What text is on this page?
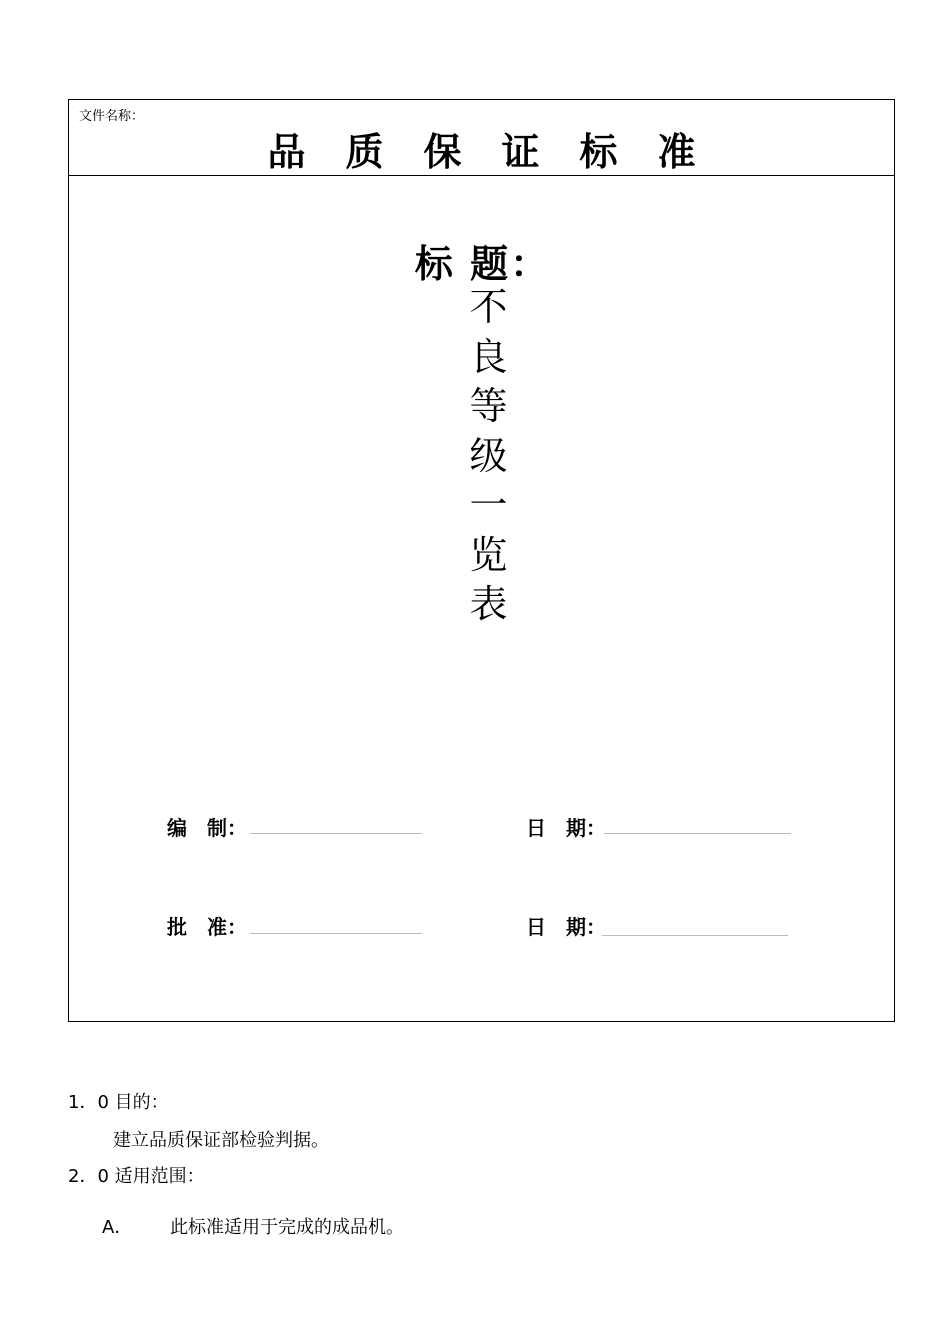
文件名称：
品质保证标准
标 题：
不
良
等
级
一
览
表
编　制：	日　期：
批　准：	日　期：
1．0 目的：
建立品质保证部检验判据。
2．0 适用范围：
A． 此标准适用于完成的成品机。
